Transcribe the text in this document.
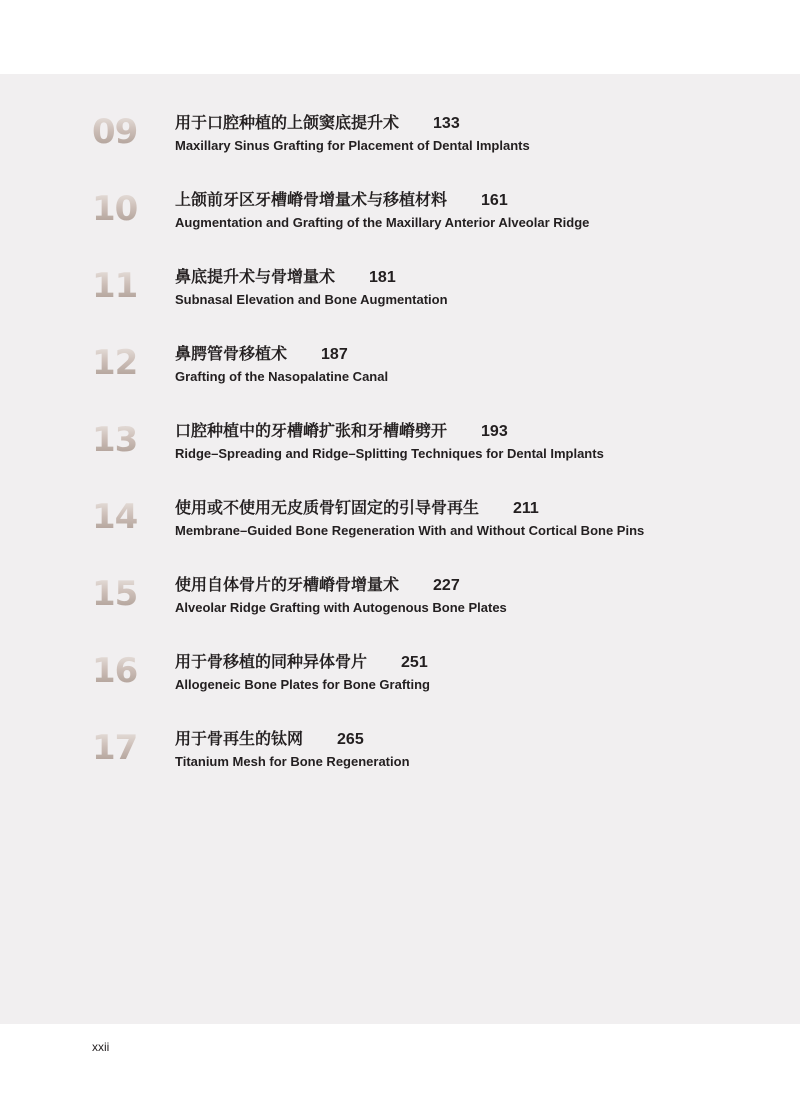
09	用于口腔种植的上颌窦底提升术 133
Maxillary Sinus Grafting for Placement of Dental Implants
10	上颌前牙区牙槽嵴骨增量术与移植材料 161
Augmentation and Grafting of the Maxillary Anterior Alveolar Ridge
11	鼻底提升术与骨增量术 181
Subnasal Elevation and Bone Augmentation
12	鼻腭管骨移植术 187
Grafting of the Nasopalatine Canal
13	口腔种植中的牙槽嵴扩张和牙槽嵴劈开 193
Ridge–Spreading and Ridge–Splitting Techniques for Dental Implants
14	使用或不使用无皮质骨钉固定的引导骨再生 211
Membrane–Guided Bone Regeneration With and Without Cortical Bone Pins
15	使用自体骨片的牙槽嵴骨增量术 227
Alveolar Ridge Grafting with Autogenous Bone Plates
16	用于骨移植的同种异体骨片 251
Allogeneic Bone Plates for Bone Grafting
17	用于骨再生的钛网 265
Titanium Mesh for Bone Regeneration
xxii
